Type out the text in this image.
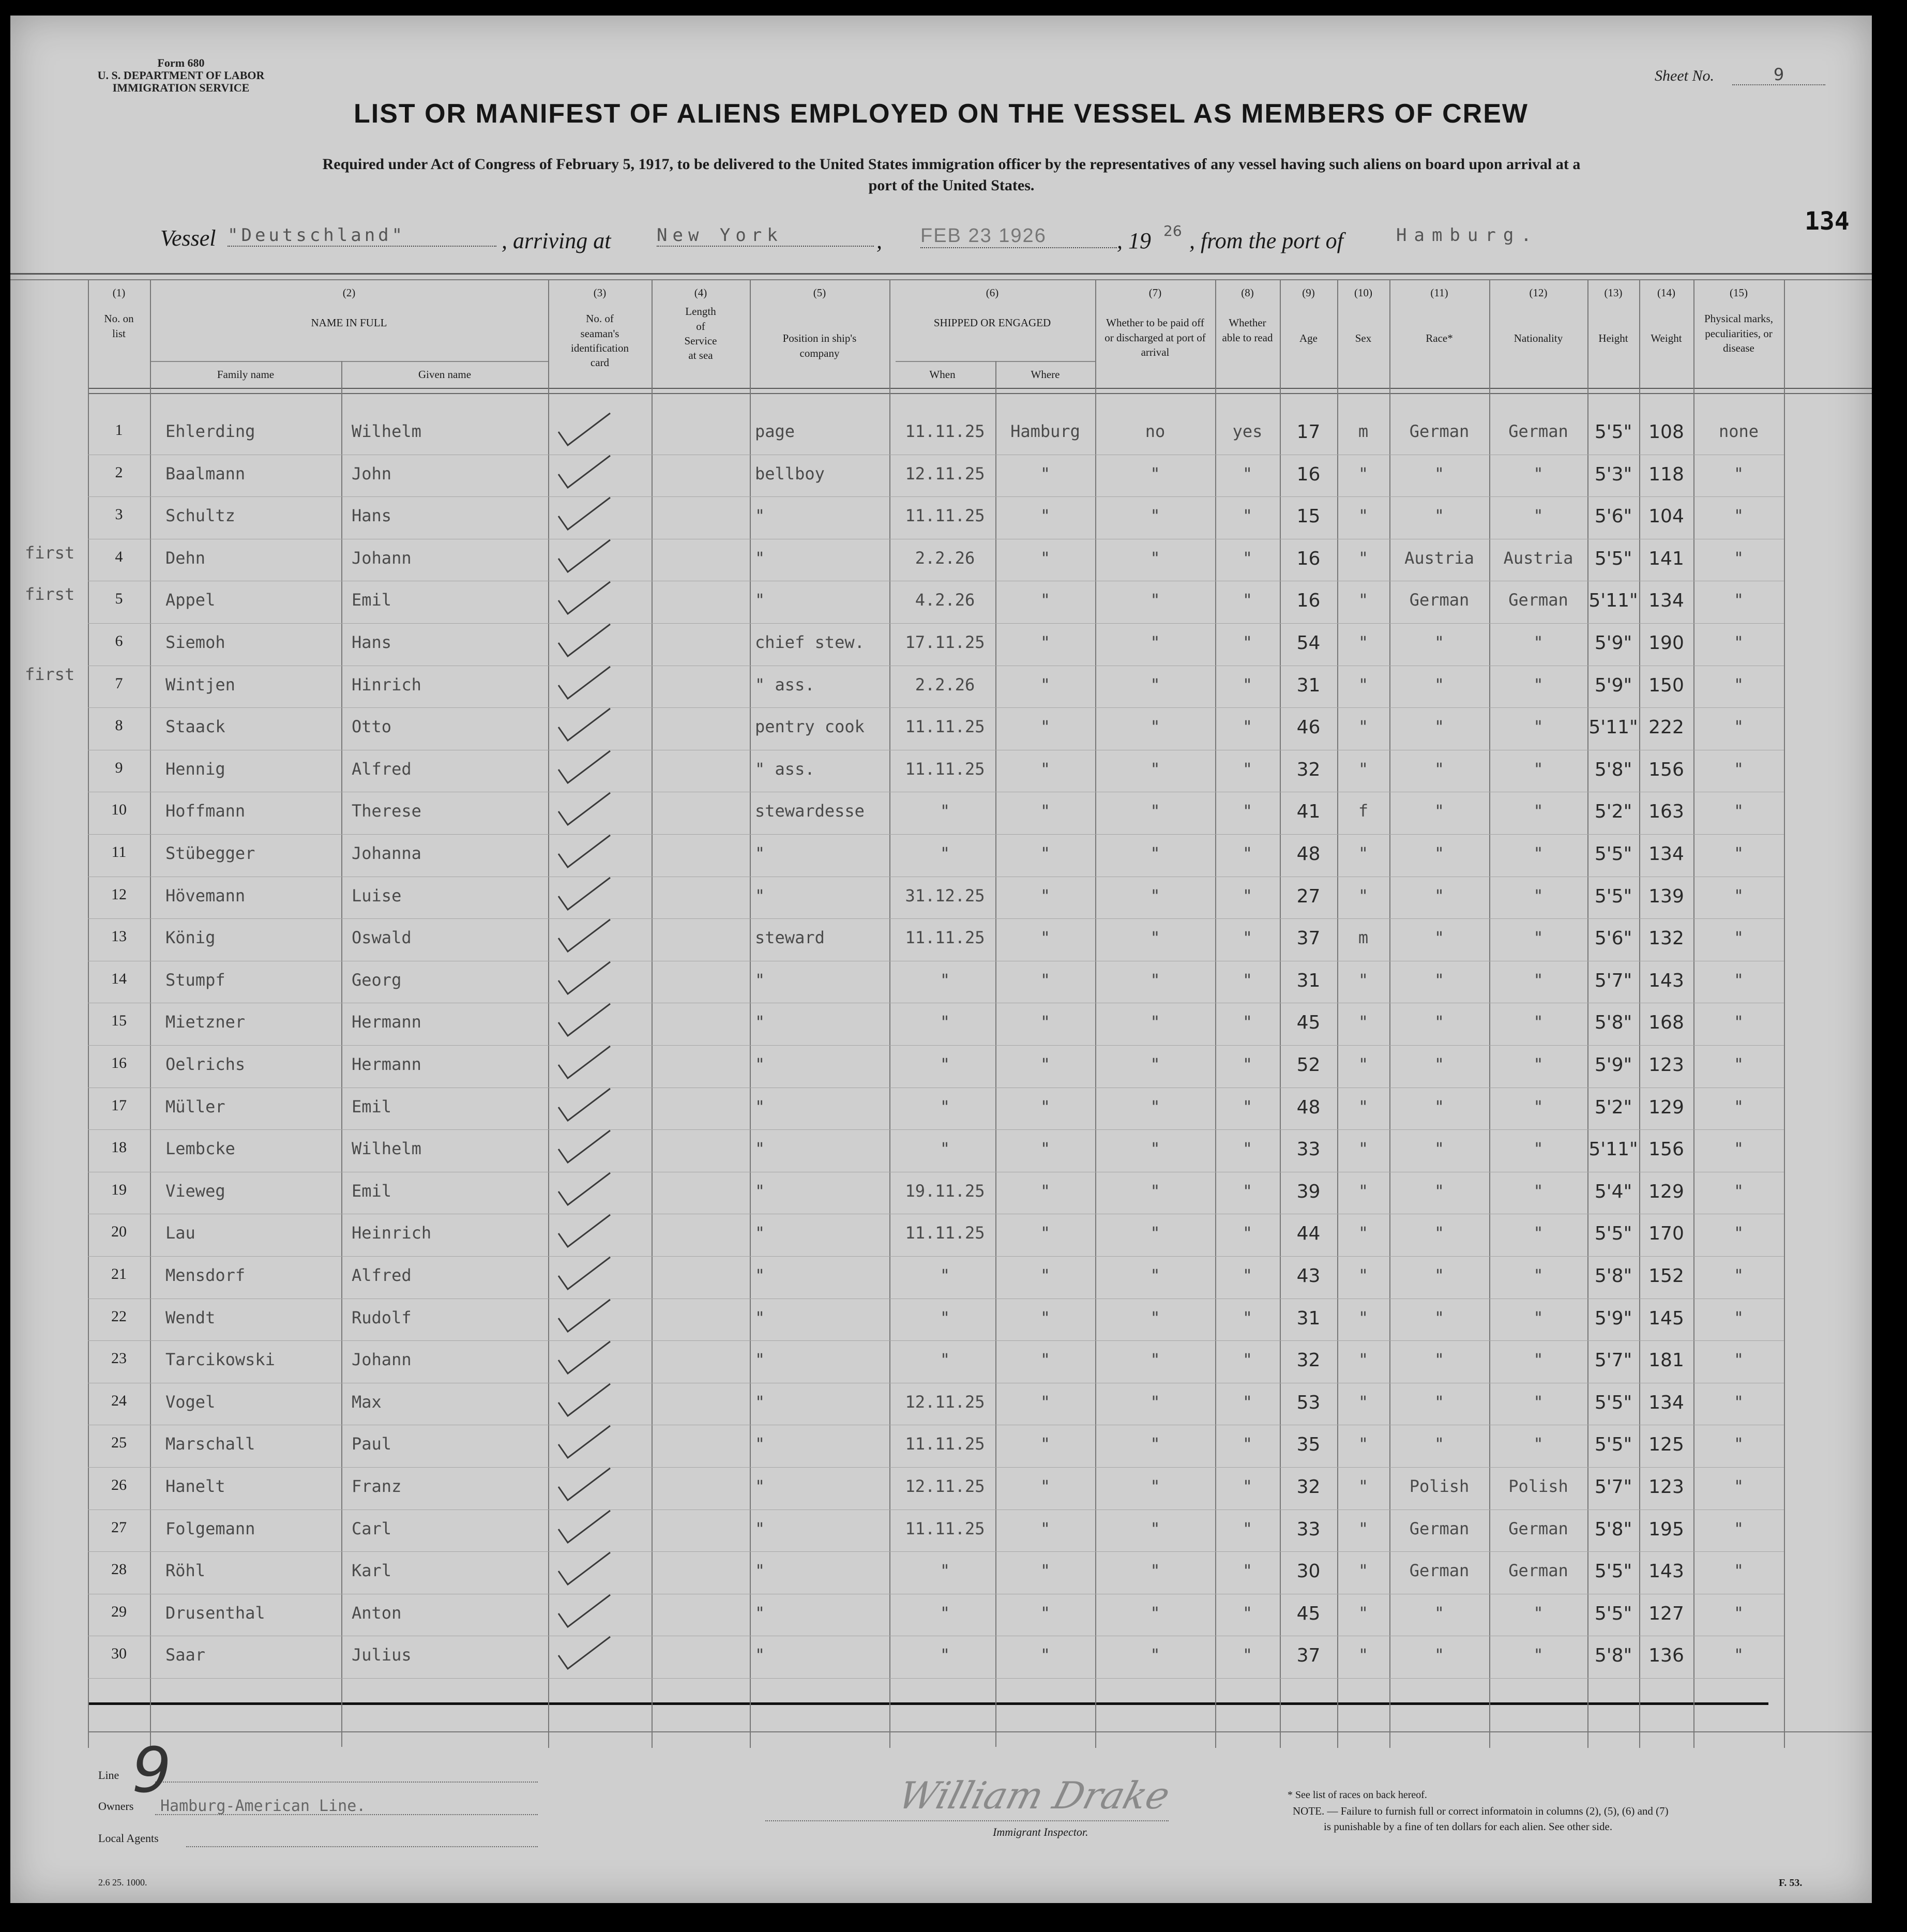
Form 680
U. S. DEPARTMENT OF LABOR
IMMIGRATION SERVICE
Sheet No.	9
LIST OR MANIFEST OF ALIENS EMPLOYED ON THE VESSEL AS MEMBERS OF CREW
Required under Act of Congress of February 5, 1917, to be delivered to the United States immigration officer by the representatives of any vessel having such aliens on board upon arrival at a
port of the United States.
134
Vessel "Deutschland"	, arriving at	New York	, FEB 23 1926	, 19 26 , from the port of	Hamburg.
(1)
No. on list
(2)
NAME IN FULL
Family name	Given name
(3)
No. of seaman's identification card
(4)
Length of Service at sea
(5)
Position in ship's company
(6)
SHIPPED OR ENGAGED
When	Where
(7)
Whether to be paid off or discharged at port of arrival
(8)
Whether able to read
(9)
Age
(10)
Sex
(11)
Race*
(12)
Nationality
(13)
Height
(14)
Weight
(15)
Physical marks, peculiarities, or disease
first
first
first
1	Ehlerding	Wilhelm	page	11.11.25	Hamburg	no	yes	17	m	German	German	5'5" 108	none
2	Baalmann	John	bellboy	12.11.25	"	"	"	16	"	"	"	5'3" 118	"
3	Schultz	Hans	"	11.11.25	"	"	"	15	"	"	"	5'6" 104	"
4	Dehn	Johann	"	2.2.26	"	"	"	16	"	Austria	Austria	5'5" 141	"
5	Appel	Emil	"	4.2.26	"	"	"	16	"	German	German	5'11" 134	"
6	Siemoh	Hans	chief stew.	17.11.25	"	"	"	54	"	"	"	5'9" 190	"
7	Wintjen	Hinrich	" ass.	2.2.26	"	"	"	31	"	"	"	5'9" 150	"
8	Staack	Otto	pentry cook	11.11.25	"	"	"	46	"	"	"	5'11" 222	"
9	Hennig	Alfred	" ass.	11.11.25	"	"	"	32	"	"	"	5'8" 156	"
10	Hoffmann	Therese	stewardesse	"	"	"	"	41	f	"	"	5'2" 163	"
11	Stübegger	Johanna	"	"	"	"	"	48	"	"	"	5'5" 134	"
12	Hövemann	Luise	"	31.12.25	"	"	"	27	"	"	"	5'5" 139	"
13	König	Oswald	steward	11.11.25	"	"	"	37	m	"	"	5'6" 132	"
14	Stumpf	Georg	"	"	"	"	"	31	"	"	"	5'7" 143	"
15	Mietzner	Hermann	"	"	"	"	"	45	"	"	"	5'8" 168	"
16	Oelrichs	Hermann	"	"	"	"	"	52	"	"	"	5'9" 123	"
17	Müller	Emil	"	"	"	"	"	48	"	"	"	5'2" 129	"
18	Lembcke	Wilhelm	"	"	"	"	"	33	"	"	"	5'11" 156	"
19	Vieweg	Emil	"	19.11.25	"	"	"	39	"	"	"	5'4" 129	"
20	Lau	Heinrich	"	11.11.25	"	"	"	44	"	"	"	5'5" 170	"
21	Mensdorf	Alfred	"	"	"	"	"	43	"	"	"	5'8" 152	"
22	Wendt	Rudolf	"	"	"	"	"	31	"	"	"	5'9" 145	"
23	Tarcikowski	Johann	"	"	"	"	"	32	"	"	"	5'7" 181	"
24	Vogel	Max	"	12.11.25	"	"	"	53	"	"	"	5'5" 134	"
25	Marschall	Paul	"	11.11.25	"	"	"	35	"	"	"	5'5" 125	"
26	Hanelt	Franz	"	12.11.25	"	"	"	32	"	Polish	Polish	5'7" 123	"
27	Folgemann	Carl	"	11.11.25	"	"	"	33	"	German	German	5'8" 195	"
28	Röhl	Karl	"	"	"	"	"	30	"	German	German	5'5" 143	"
29	Drusenthal	Anton	"	"	"	"	"	45	"	"	"	5'5" 127	"
30	Saar	Julius	"	"	"	"	"	37	"	"	"	5'8" 136	"
Line 9
Owners Hamburg-American Line.
Local Agents
William Drake
Immigrant Inspector.
* See list of races on back hereof.
NOTE. — Failure to furnish full or correct informatoin in columns (2), (5), (6) and (7)
is punishable by a fine of ten dollars for each alien. See other side.
2.6 25. 1000.	F. 53.
